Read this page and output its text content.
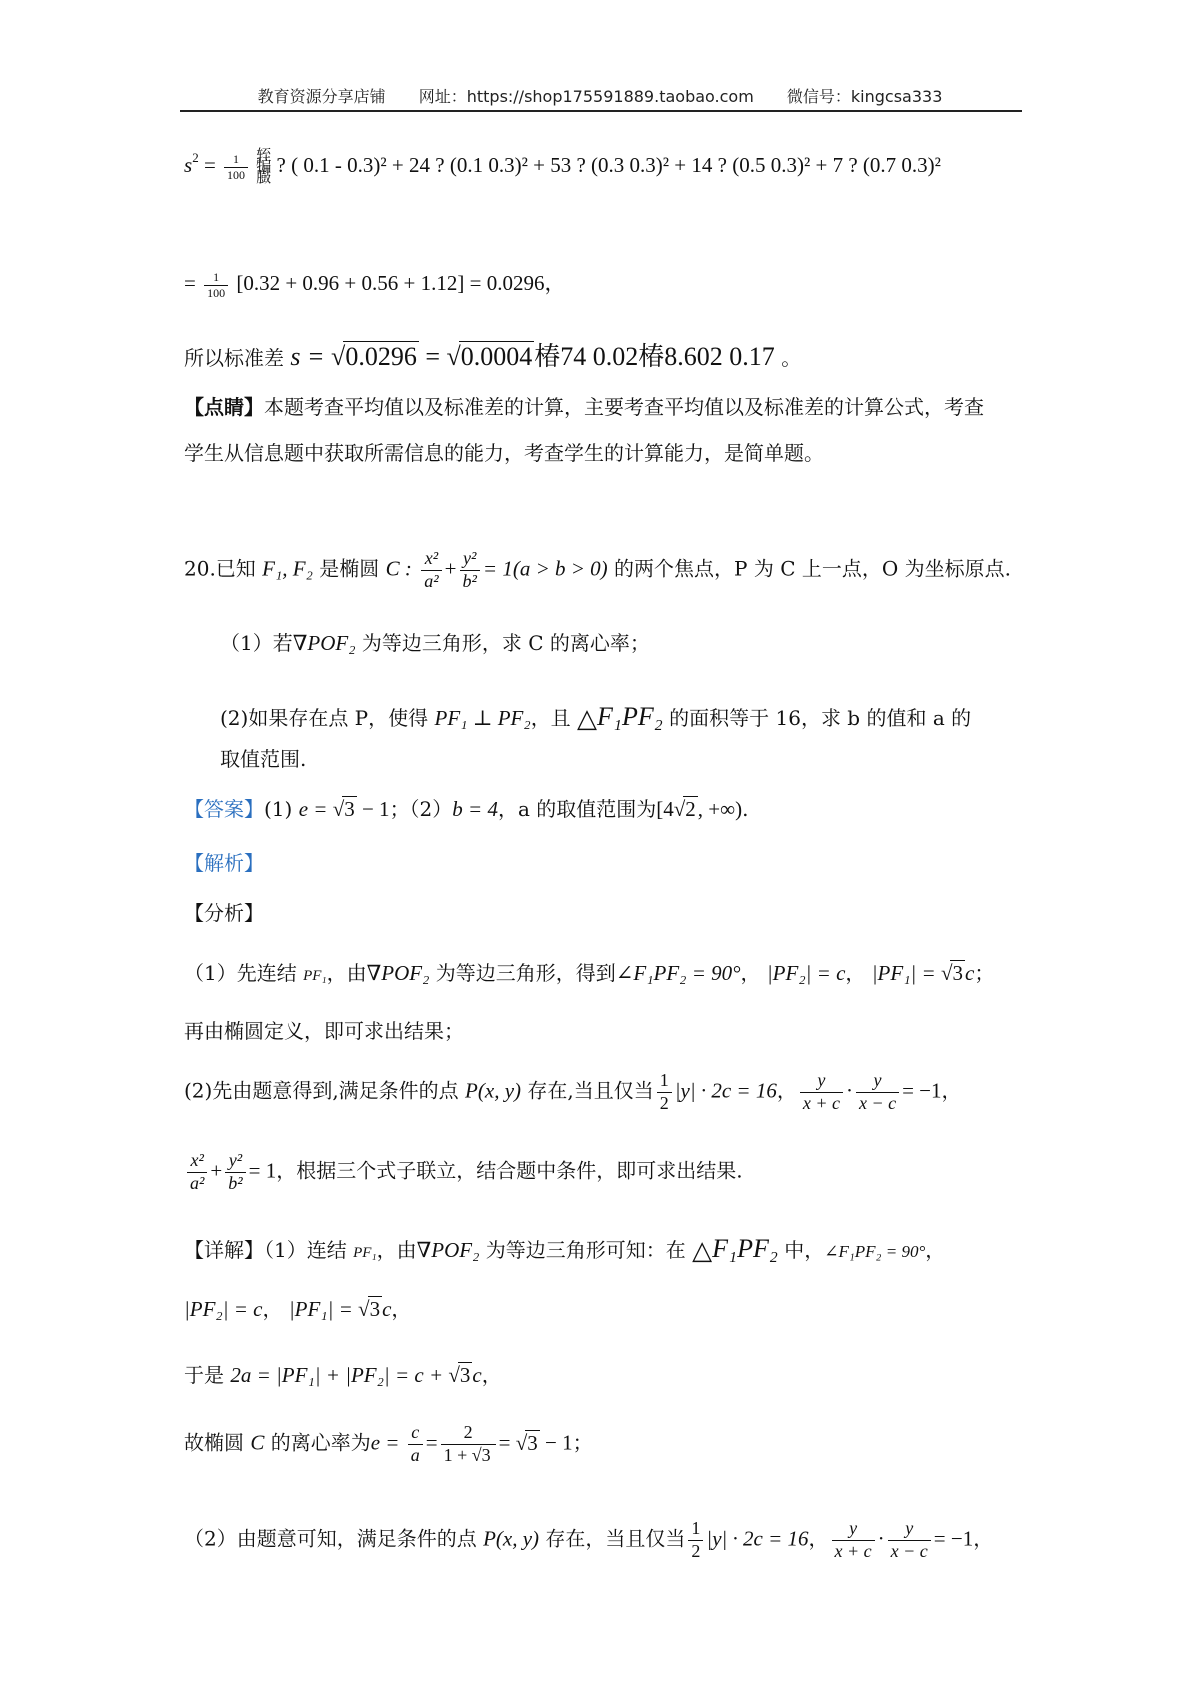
教育资源分享店铺 网址：https://shop175591889.taobao.com 微信号：kingcsa333
$s^2 = \frac{1}{100}$ 轾
犏
臌 ? ( 0.1 - 0.3)² + 24 ? (0.1 0.3)² + 53 ? (0.3 0.3)² + 14 ? (0.5 0.3)² + 7 ? (0.7 0.3)²
= $\frac{1}{100} [0.32 + 0.96 + 0.56 + 1.12] = 0.0296$，
所以标准差 s = √0.0296 = √0.0004椿74 0.02椿8.602 0.17 。
【点睛】本题考查平均值以及标准差的计算，主要考查平均值以及标准差的计算公式，考查
学生从信息题中获取所需信息的能力，考查学生的计算能力，是简单题。
20.已知 F₁, F₂ 是椭圆 C : $\frac{\text{x²}}{\text{a²}} + \frac{\text{y²}}{\text{b²}} = 1(a > b > 0)$ 的两个焦点，P 为 C 上一点，O 为坐标原点.
（1）若∇POF₂ 为等边三角形，求 C 的离心率；
(2)如果存在点 P，使得 PF₁ ⊥ PF₂，且 △F₁PF₂ 的面积等于 16，求 b 的值和 a 的
取值范围.
【答案】(1) e = √3 − 1；（2）b = 4，a 的取值范围为[4√2, +∞).
【解析】
【分析】
（1）先连结 PF₁，由∇POF₂ 为等边三角形，得到∠F₁PF₂ = 90°， |PF₂| = c， |PF₁| = √3c；
再由椭圆定义，即可求出结果；
(2)先由题意得到,满足条件的点 P(x, y) 存在,当且仅当 $\frac{1}{2} |y| \cdot 2c = 16$， $\frac{y}{x + c} \cdot \frac{y}{x - c} = -1$，
$\frac{\text{x²}}{\text{a²}} + \frac{\text{y²}}{\text{b²}} = 1$，根据三个式子联立，结合题中条件，即可求出结果.
【详解】（1）连结 PF₁，由∇POF₂ 为等边三角形可知：在 △F₁PF₂ 中，∠F₁PF₂ = 90°，
|PF₂| = c， |PF₁| = √3c，
于是 2a = |PF₁| + |PF₂| = c + √3c，
故椭圆 C 的离心率为$e = \frac{c}{a} = \frac{2}{1 + √3} = √3 - 1$；
（2）由题意可知，满足条件的点 P(x, y) 存在，当且仅当 $\frac{1}{2} |y| \cdot 2c = 16$， $\frac{y}{x + c} \cdot \frac{y}{x - c} = -1$，
